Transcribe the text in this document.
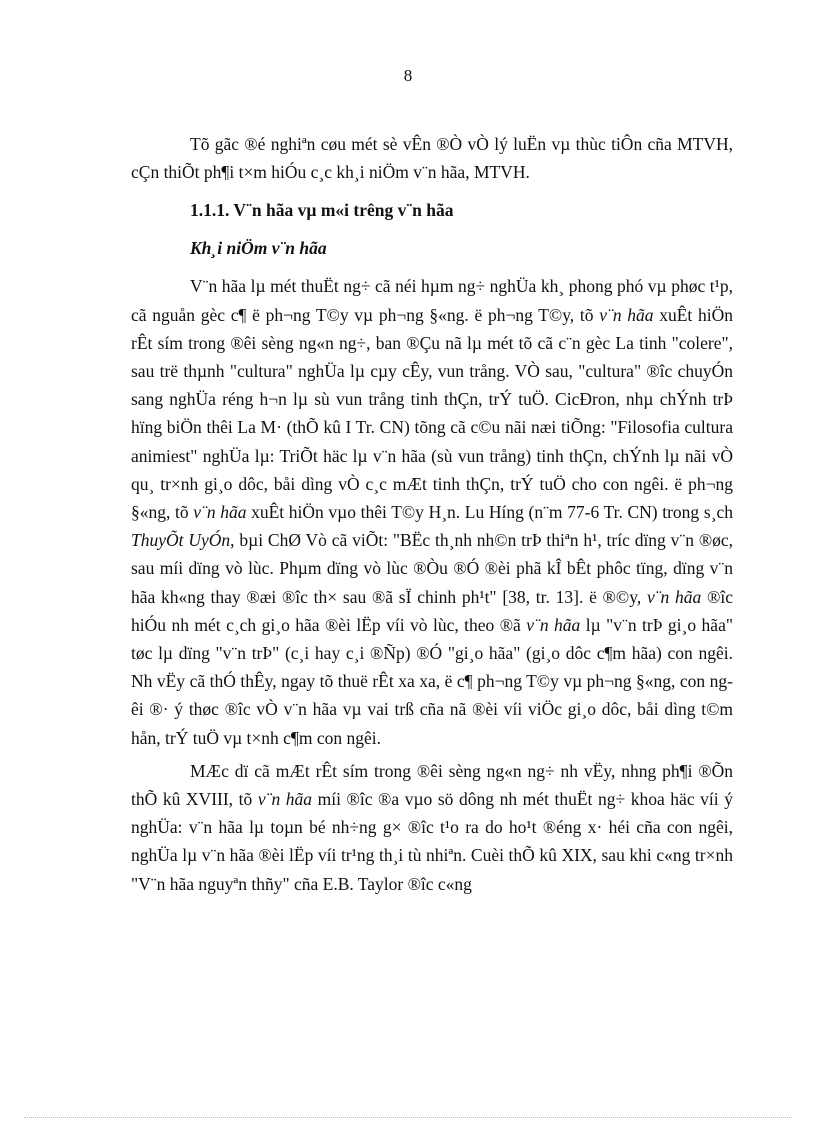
8

Tõ gãc ®é nghiªn cøu mét sè vÊn ®Ò vÒ lý luËn vµ thùc tiÔn cña MTVH, cÇn thiÕt ph¶i t×m hiÓu c¸c kh¸i niÖm v¨n hãa, MTVH.

1.1.1. V¨n hãa vµ m«i trêng v¨n hãa
Kh¸i niÖm v¨n hãa

V¨n hãa lµ mét thuËt ng÷ cã néi hµm ng÷ nghÜa kh¸ phong phó vµ phøc t¹p, cã nguån gèc c¶ ë ph¬ng T©y vµ ph¬ng §«ng. ë ph¬ng T©y, tõ v¨n hãa xuÊt hiÖn rÊt sím trong ®êi sèng ng«n ng÷, ban ®Çu nã lµ mét tõ cã c¨n gèc La tinh "colere", sau trë thµnh "cultura" nghÜa lµ cµy cÊy, vun trång. VÒ sau, "cultura" ®îc chuyÓn sang nghÜa réng h¬n lµ sù vun trång tinh thÇn, trÝ tuÖ. CicÐron, nhµ chÝnh trÞ hïng biÖn thêi La M· (thÕ kû I Tr. CN) tõng cã c©u nãi næi tiÕng: "Filosofia cultura animiest" nghÜa lµ: TriÕt häc lµ v¨n hãa (sù vun trång) tinh thÇn, chÝnh lµ nãi vÒ qu¸ tr×nh gi¸o dôc, båi dìng vÒ c¸c mÆt tinh thÇn, trÝ tuÖ cho con ngêi. ë ph¬ng §«ng, tõ v¨n hãa xuÊt hiÖn vµo thêi T©y H¸n. Lu Híng (n¨m 77-6 Tr. CN) trong s¸ch ThuyÕt UyÓn, bµi ChØ Vò cã viÕt: "BËc th¸nh nh©n trÞ thiªn h¹, tríc dïng v¨n ®øc, sau míi dïng vò lùc. Phµm dïng vò lùc ®Òu ®Ó ®èi phã kÎ bÊt phôc tïng, dïng v¨n hãa kh«ng thay ®æi ®îc th× sau ®ã sÏ chinh ph¹t" [38, tr. 13]. ë ®©y, v¨n hãa ®îc hiÓu nh mét c¸ch gi¸o hãa ®èi lËp víi vò lùc, theo ®ã v¨n hãa lµ "v¨n trÞ gi¸o hãa" tøc lµ dïng "v¨n trÞ" (c¸i hay c¸i ®Ñp) ®Ó "gi¸o hãa" (gi¸o dôc c¶m hãa) con ngêi. Nh vËy cã thÓ thÊy, ngay tõ thuë rÊt xa xa, ë c¶ ph¬ng T©y vµ ph¬ng §«ng, con ngêi ®· ý thøc ®îc vÒ v¨n hãa vµ vai trß cña nã ®èi víi viÖc gi¸o dôc, båi dìng t©m hån, trÝ tuÖ vµ t×nh c¶m con ngêi.

MÆc dï cã mÆt rÊt sím trong ®êi sèng ng«n ng÷ nh vËy, nhng ph¶i ®Õn thÕ kû XVIII, tõ v¨n hãa míi ®îc ®a vµo sö dông nh mét thuËt ng÷ khoa häc víi ý nghÜa: v¨n hãa lµ toµn bé nh÷ng g× ®îc t¹o ra do ho¹t ®éng x· héi cña con ngêi, nghÜa lµ v¨n hãa ®èi lËp víi tr¹ng th¸i tù nhiªn. Cuèi thÕ kû XIX, sau khi c«ng tr×nh "V¨n hãa nguyªn thñy" cña E.B. Taylor ®îc c«ng
